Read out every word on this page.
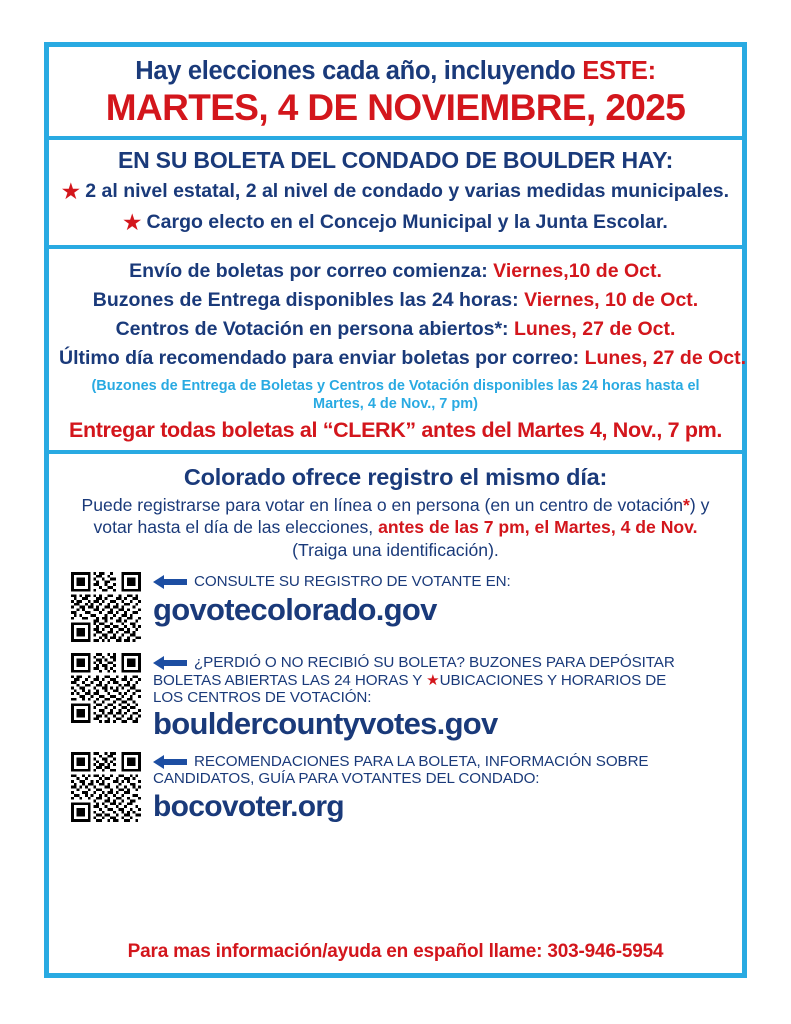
Hay elecciones cada año, incluyendo ESTE:
MARTES, 4 DE NOVIEMBRE, 2025
EN SU BOLETA DEL CONDADO DE BOULDER HAY:
★ 2 al nivel estatal, 2 al nivel de condado y varias medidas municipales.
★ Cargo electo en el Concejo Municipal y la Junta Escolar.
Envío de boletas por correo comienza: Viernes,10 de Oct.
Buzones de Entrega disponibles las 24 horas: Viernes, 10 de Oct.
Centros de Votación en persona abiertos*: Lunes, 27 de Oct.
Último día recomendado para enviar boletas por correo: Lunes, 27 de Oct.
(Buzones de Entrega de Boletas y Centros de Votación disponibles las 24 horas hasta el Martes, 4 de Nov., 7 pm)
Entregar todas boletas al “CLERK” antes del Martes 4, Nov., 7 pm.
Colorado ofrece registro el mismo día:
Puede registrarse para votar en línea o en persona (en un centro de votación*) y votar hasta el día de las elecciones, antes de las 7 pm, el Martes, 4 de Nov. (Traiga una identificación).
CONSULTE SU REGISTRO DE VOTANTE EN:
govotecolorado.gov
¿PERDIÓ O NO RECIBIÓ SU BOLETA? BUZONES PARA DEPÓSITAR
BOLETAS ABIERTAS LAS 24 HORAS Y ★UBICACIONES Y HORARIOS DE
LOS CENTROS DE VOTACIÓN:
bouldercountyvotes.gov
RECOMENDACIONES PARA LA BOLETA, INFORMACIÓN SOBRE
CANDIDATOS, GUÍA PARA VOTANTES DEL CONDADO:
bocovoter.org
Para mas información/ayuda en español llame: 303-946-5954
